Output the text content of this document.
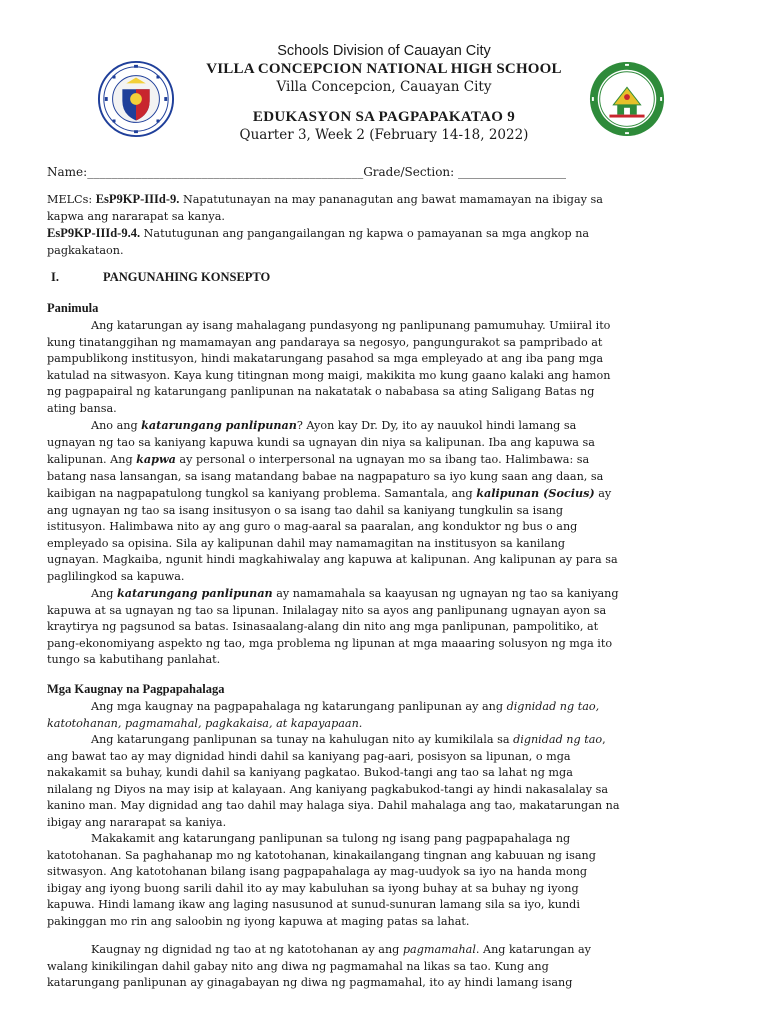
Schools Division of Cauayan City
VILLA CONCEPCION NATIONAL HIGH SCHOOL
Villa Concepcion, Cauayan City
EDUKASYON SA PAGPAPAKATAO 9
Quarter 3, Week 2 (February 14-18, 2022)
Name:______________________________________________Grade/Section: __________________
MELCs: EsP9KP-IIId-9. Napatutunayan na may pananagutan ang bawat mamamayan na ibigay sa
kapwa ang nararapat sa kanya.
EsP9KP-IIId-9.4. Natutugunan ang pangangailangan ng kapwa o pamayanan sa mga angkop na
pagkakataon.
I.	PANGUNAHING KONSEPTO
Panimula
Ang katarungan ay isang mahalagang pundasyong ng panlipunang pamumuhay. Umiiral ito
kung tinatanggihan ng mamamayan ang pandaraya sa negosyo, pangungurakot sa pampribado at
pampublikong institusyon, hindi makatarungang pasahod sa mga empleyado at ang iba pang mga
katulad na sitwasyon. Kaya kung titingnan mong maigi, makikita mo kung gaano kalaki ang hamon
ng pagpapairal ng katarungang panlipunan na nakatatak o nababasa sa ating Saligang Batas ng
ating bansa.
Ano ang katarungang panlipunan? Ayon kay Dr. Dy, ito ay nauukol hindi lamang sa
ugnayan ng tao sa kaniyang kapuwa kundi sa ugnayan din niya sa kalipunan. Iba ang kapuwa sa
kalipunan. Ang kapwa ay personal o interpersonal na ugnayan mo sa ibang tao. Halimbawa: sa
batang nasa lansangan, sa isang matandang babae na nagpapaturo sa iyo kung saan ang daan, sa
kaibigan na nagpapatulong tungkol sa kaniyang problema. Samantala, ang kalipunan (Socius) ay
ang ugnayan ng tao sa isang insitusyon o sa isang tao dahil sa kaniyang tungkulin sa isang
istitusyon. Halimbawa nito ay ang guro o mag-aaral sa paaralan, ang konduktor ng bus o ang
empleyado sa opisina. Sila ay kalipunan dahil may namamagitan na institusyon sa kanilang
ugnayan. Magkaiba, ngunit hindi magkahiwalay ang kapuwa at kalipunan. Ang kalipunan ay para sa
paglilingkod sa kapuwa.
Ang katarungang panlipunan ay namamahala sa kaayusan ng ugnayan ng tao sa kaniyang
kapuwa at sa ugnayan ng tao sa lipunan. Inilalagay nito sa ayos ang panlipunang ugnayan ayon sa
kraytirya ng pagsunod sa batas. Isinasaalang-alang din nito ang mga panlipunan, pampolitiko, at
pang-ekonomiyang aspekto ng tao, mga problema ng lipunan at mga maaaring solusyon ng mga ito
tungo sa kabutihang panlahat.
Mga Kaugnay na Pagpapahalaga
Ang mga kaugnay na pagpapahalaga ng katarungang panlipunan ay ang dignidad ng tao,
katotohanan, pagmamahal, pagkakaisa, at kapayapaan.
Ang katarungang panlipunan sa tunay na kahulugan nito ay kumikilala sa dignidad ng tao,
ang bawat tao ay may dignidad hindi dahil sa kaniyang pag-aari, posisyon sa lipunan, o mga
nakakamit sa buhay, kundi dahil sa kaniyang pagkatao. Bukod-tangi ang tao sa lahat ng mga
nilalang ng Diyos na may isip at kalayaan. Ang kaniyang pagkabukod-tangi ay hindi nakasalalay sa
kanino man. May dignidad ang tao dahil may halaga siya. Dahil mahalaga ang tao, makatarungan na
ibigay ang nararapat sa kaniya.
Makakamit ang katarungang panlipunan sa tulong ng isang pang pagpapahalaga ng
katotohanan. Sa paghahanap mo ng katotohanan, kinakailangang tingnan ang kabuuan ng isang
sitwasyon. Ang katotohanan bilang isang pagpapahalaga ay mag-uudyok sa iyo na handa mong
ibigay ang iyong buong sarili dahil ito ay may kabuluhan sa iyong buhay at sa buhay ng iyong
kapuwa. Hindi lamang ikaw ang laging nasusunod at sunud-sunuran lamang sila sa iyo, kundi
pakinggan mo rin ang saloobin ng iyong kapuwa at maging patas sa lahat.
Kaugnay ng dignidad ng tao at ng katotohanan ay ang pagmamahal. Ang katarungan ay
walang kinikilingan dahil gabay nito ang diwa ng pagmamahal na likas sa tao. Kung ang
katarungang panlipunan ay ginagabayan ng diwa ng pagmamahal, ito ay hindi lamang isang
